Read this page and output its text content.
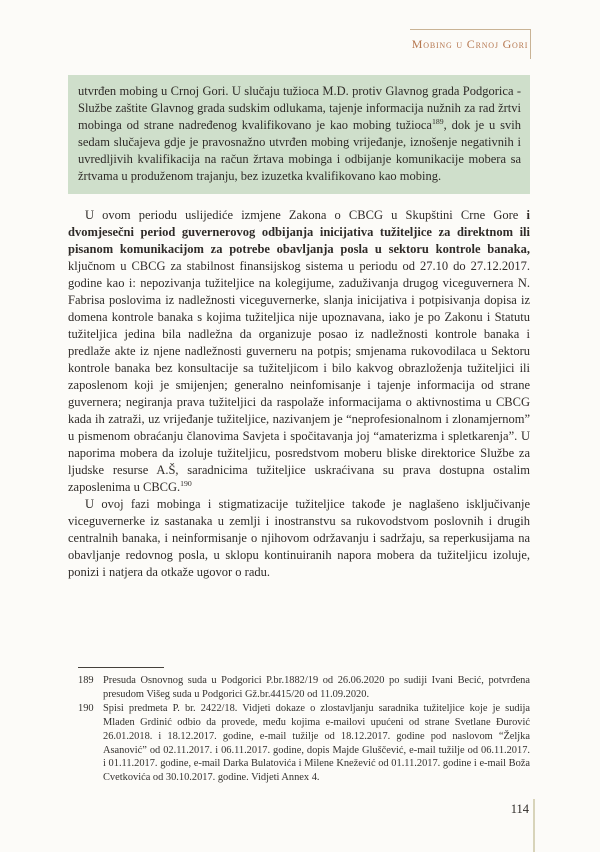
Mobing u Crnoj Gori

utvrđen mobing u Crnoj Gori. U slučaju tužioca M.D. protiv Glavnog grada Podgorica - Službe zaštite Glavnog grada sudskim odlukama, tajenje informacija nužnih za rad žrtvi mobinga od strane nadređenog kvalifikovano je kao mobing tužioca$^{189}$, dok je u svih sedam slučajeva gdje je pravosnažno utvrđen mobing vrijeđanje, iznošenje negativnih i uvredljivih kvalifikacija na račun žrtava mobinga i odbijanje komunikacije mobera sa žrtvama u produženom trajanju, bez izuzetka kvalifikovano kao mobing.

U ovom periodu uslijediće izmjene Zakona o CBCG u Skupštini Crne Gore i dvomjesečni period guvernerovog odbijanja inicijativa tužiteljice za direktnom ili pisanom komunikacijom za potrebe obavljanja posla u sektoru kontrole banaka, ključnom u CBCG za stabilnost finansijskog sistema u periodu od 27.10 do 27.12.2017. godine kao i: nepozivanja tužiteljice na kolegijume, zaduživanja drugog viceguvernera N. Fabrisa poslovima iz nadležnosti viceguvernerke, slanja inicijativa i potpisivanja dopisa iz domena kontrole banaka s kojima tužiteljica nije upoznavana, iako je po Zakonu i Statutu tužiteljica jedina bila nadležna da organizuje posao iz nadležnosti kontrole banaka i predlaže akte iz njene nadležnosti guverneru na potpis; smjenama rukovodilaca u Sektoru kontrole banaka bez konsultacije sa tužiteljicom i bilo kakvog obrazloženja tužiteljici ili zaposlenom koji je smijenjen; generalno neinfomisanje i tajenje informacija od strane guvernera; negiranja prava tužiteljici da raspolaže informacijama o aktivnostima u CBCG kada ih zatraži, uz vrijeđanje tužiteljice, nazivanjem je “neprofesionalnom i zlonamjernom” u pismenom obraćanju članovima Savjeta i spočitavanja joj “amaterizma i spletkarenja”. U naporima mobera da izoluje tužiteljicu, posredstvom moberu bliske direktorice Službe za ljudske resurse A.Š, saradnicima tužiteljice uskraćivana su prava dostupna ostalim zaposlenima u CBCG.$^{190}$

U ovoj fazi mobinga i stigmatizacije tužiteljice takođe je naglašeno isključivanje viceguvernerke iz sastanaka u zemlji i inostranstvu sa rukovodstvom poslovnih i drugih centralnih banaka, i neinformisanje o njihovom održavanju i sadržaju, sa reperkusijama na obavljanje redovnog posla, u sklopu kontinuiranih napora mobera da tužiteljicu izoluje, ponizi i natjera da otkaže ugovor o radu.

189 Presuda Osnovnog suda u Podgorici P.br.1882/19 od 26.06.2020 po sudiji Ivani Becić, potvrđena presudom Višeg suda u Podgorici Gž.br.4415/20 od 11.09.2020.
190 Spisi predmeta P. br. 2422/18. Vidjeti dokaze o zlostavljanju saradnika tužiteljice koje je sudija Mladen Grdinić odbio da provede, među kojima e-mailovi upućeni od strane Svetlane Đurović 26.01.2018. i 18.12.2017. godine, e-mail tužilje od 18.12.2017. godine pod naslovom “Željka Asanović” od 02.11.2017. i 06.11.2017. godine, dopis Majde Gluščević, e-mail tužilje od 06.11.2017. i 01.11.2017. godine, e-mail Darka Bulatovića i Milene Knežević od 01.11.2017. godine i e-mail Boža Cvetkovića od 30.10.2017. godine. Vidjeti Annex 4.
114
